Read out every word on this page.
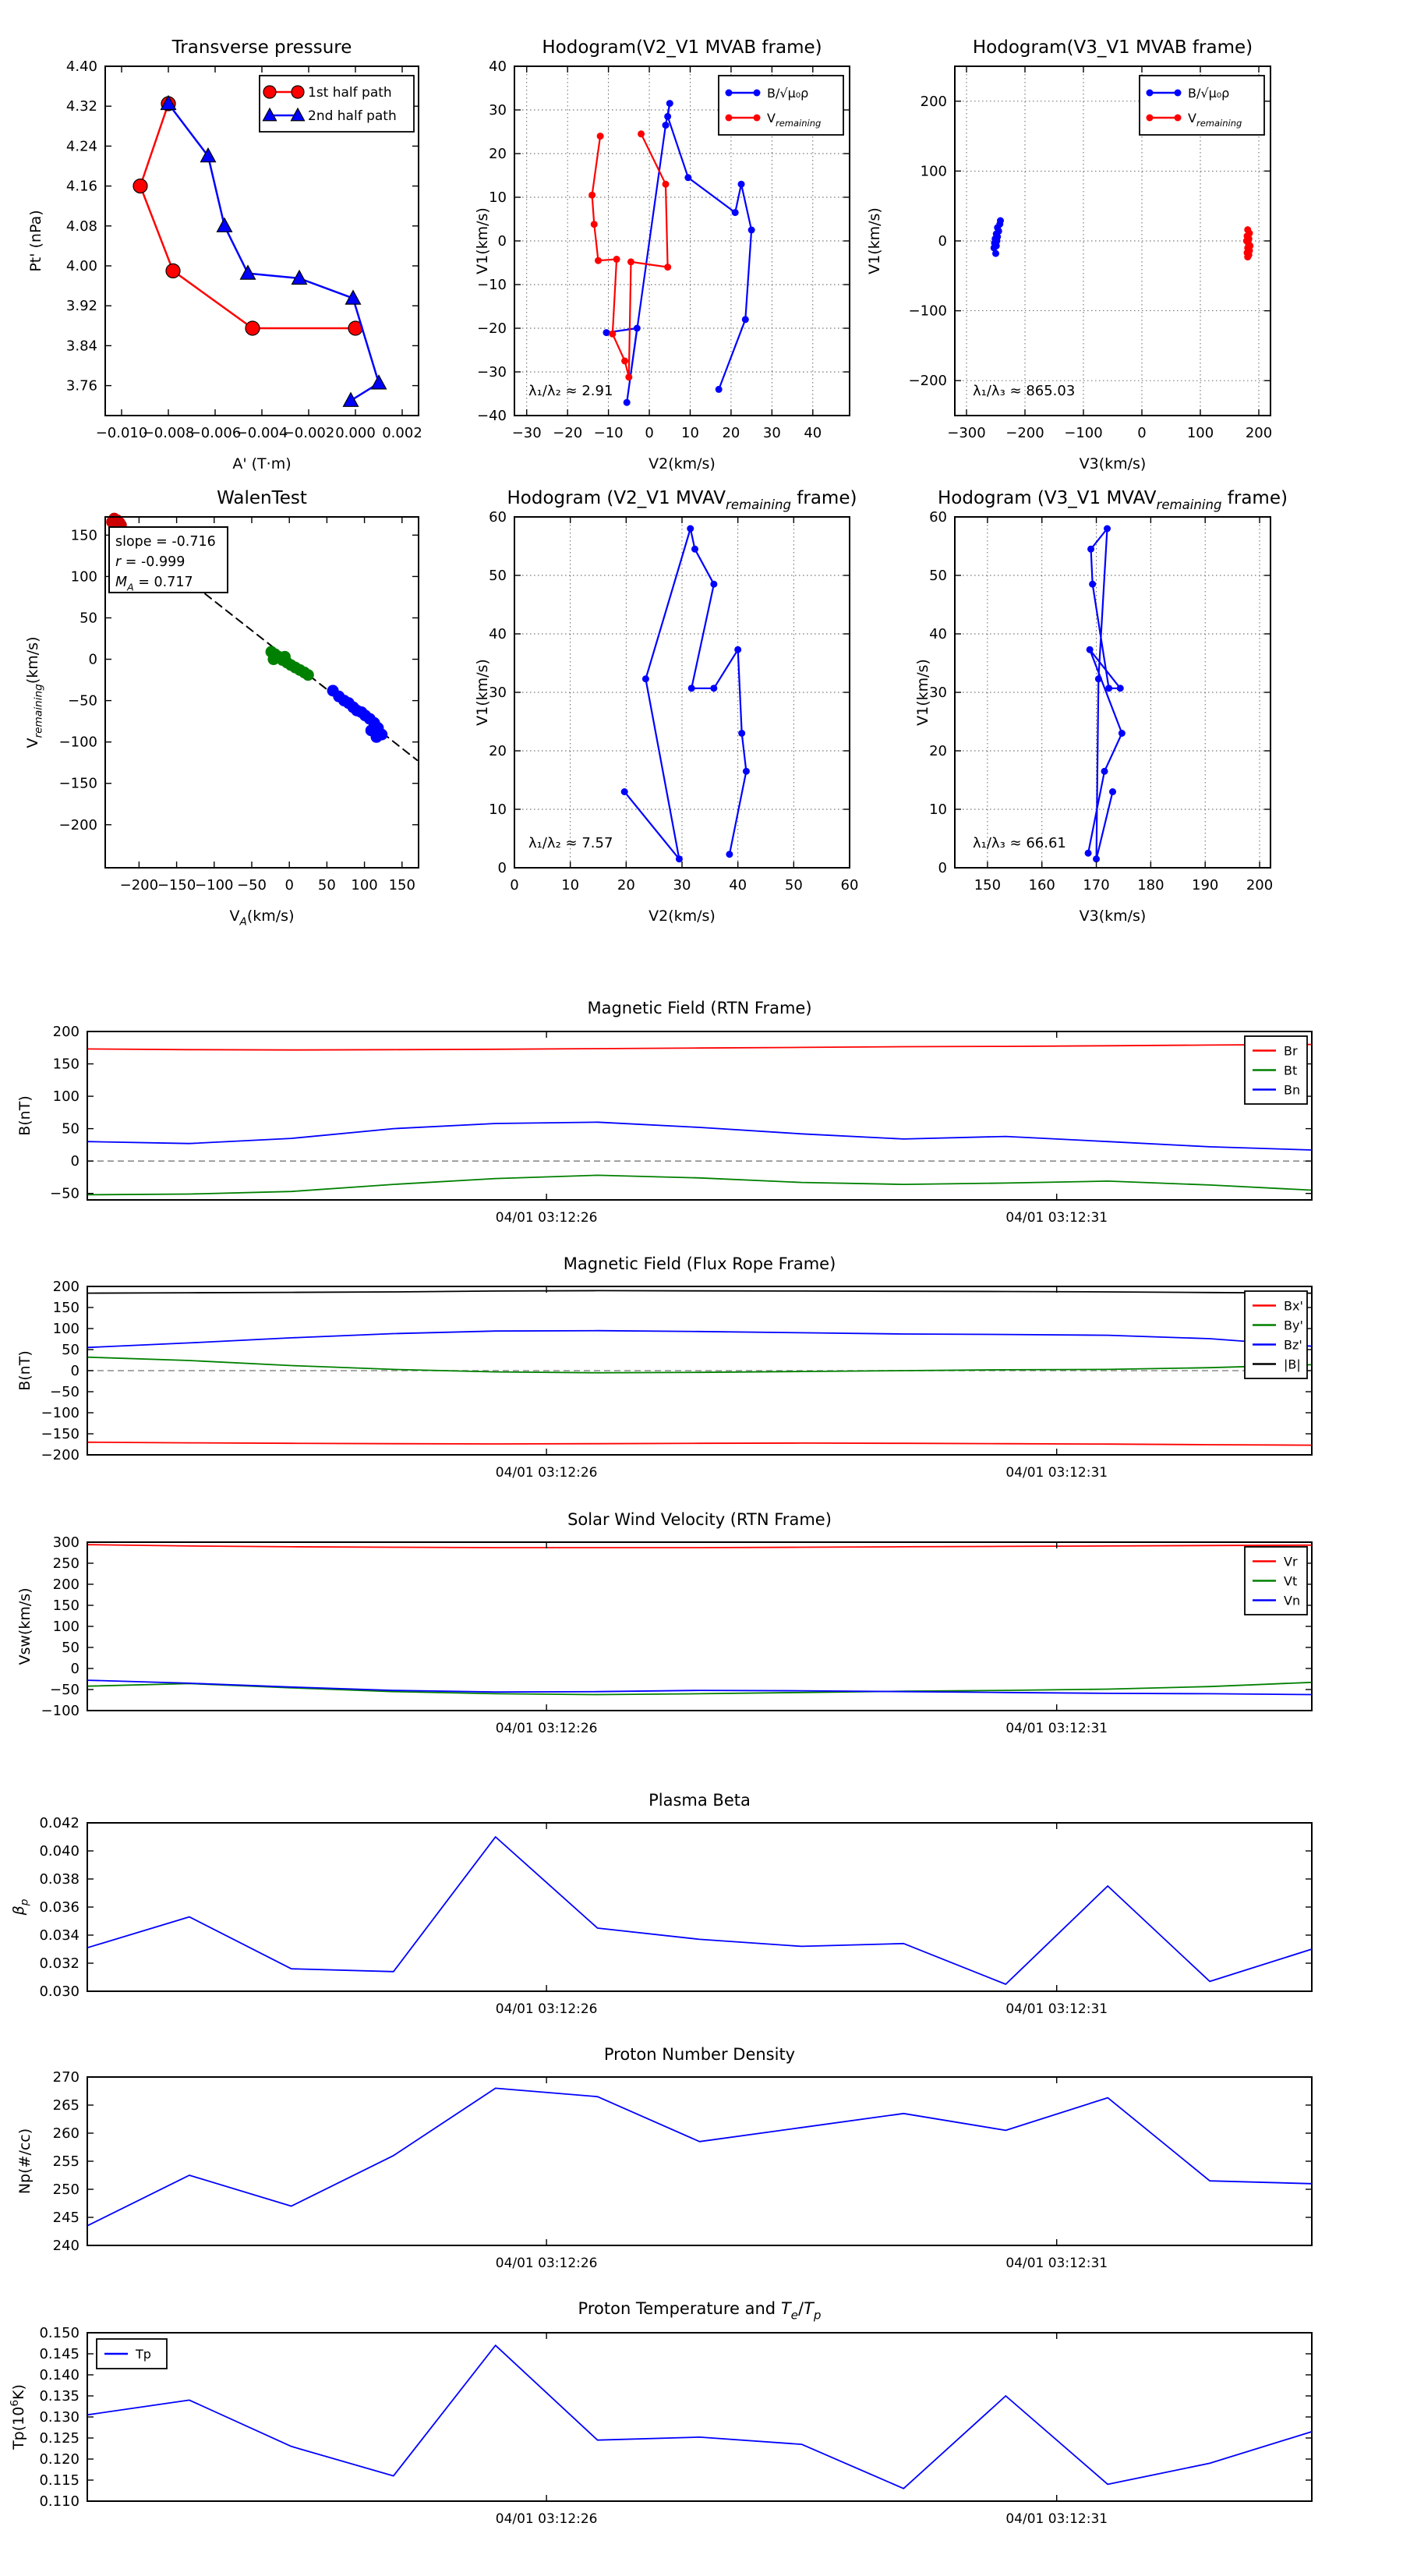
−0.010
−0.008
−0.006
−0.004
−0.002 0.000 0.002
3.76
3.84
3.92
4.00
4.08
4.16
4.24
4.32
4.40
Transverse pressure
A' (T·m)
Pt' (nPa)
1st half path
2nd half path
−30 −20 −10 0 10 20 30 40
−40
−30
−20
−10
0
10
20
30
40
Hodogram(V2_V1 MVAB frame)
V2(km/s)
V1(km/s)
λ₁/λ₂ ≈ 2.91
B/√μ₀ρ
$V_{remaining}$
−300 −200 −100 0	100 200
−200
−100
0
100
200
Hodogram(V3_V1 MVAB frame)
V3(km/s)
V1(km/s)
λ₁/λ₃ ≈ 865.03
B/√μ₀ρ
$V_{remaining}$
−200
−150
−100 −50 0 50 100 150
−200
−150
−100
−50
0
50
100
150
WalenTest
$V_A(km/s)$
$V_{remaining}(km/s)$
slope = -0.716
r = -0.999
$M_A = 0.717$
0	10	20	30	40	50	60
0
10
20
30
40
50
60
Hodogram (V2_V1 $MVAV_{remaining}$ frame)
V2(km/s)
V1(km/s)
λ₁/λ₂ ≈ 7.57
150 160 170 180 190 200
0
10
20
30
40
50
60
Hodogram (V3_V1 $MVAV_{remaining}$ frame)
V3(km/s)
V1(km/s)
λ₁/λ₃ ≈ 66.61
04/01 03:12:26	04/01 03:12:31
−50
0
50
100
150
200
Magnetic Field (RTN Frame)
B(nT)
Br
Bt
Bn
04/01 03:12:26	04/01 03:12:31
−200
−150
−100
−50
0
50
100
150
200
Magnetic Field (Flux Rope Frame)
B(nT)
Bx'
By'
Bz'
|B|
04/01 03:12:26	04/01 03:12:31
−100
−50
0
50
100
150
200
250
300
Solar Wind Velocity (RTN Frame)
Vsw(km/s)
Vr
Vt
Vn
04/01 03:12:26	04/01 03:12:31
0.030
0.032
0.034
0.036
0.038
0.040
0.042
Plasma Beta
$\beta_p$
04/01 03:12:26	04/01 03:12:31
240
245
250
255
260
265
270
Proton Number Density
Np(#/cc)
04/01 03:12:26	04/01 03:12:31
0.110
0.115
0.120
0.125
0.130
0.135
0.140
0.145
0.150
Proton Temperature and $T_e/T_p$
$Tp(10^6K)$
Tp
